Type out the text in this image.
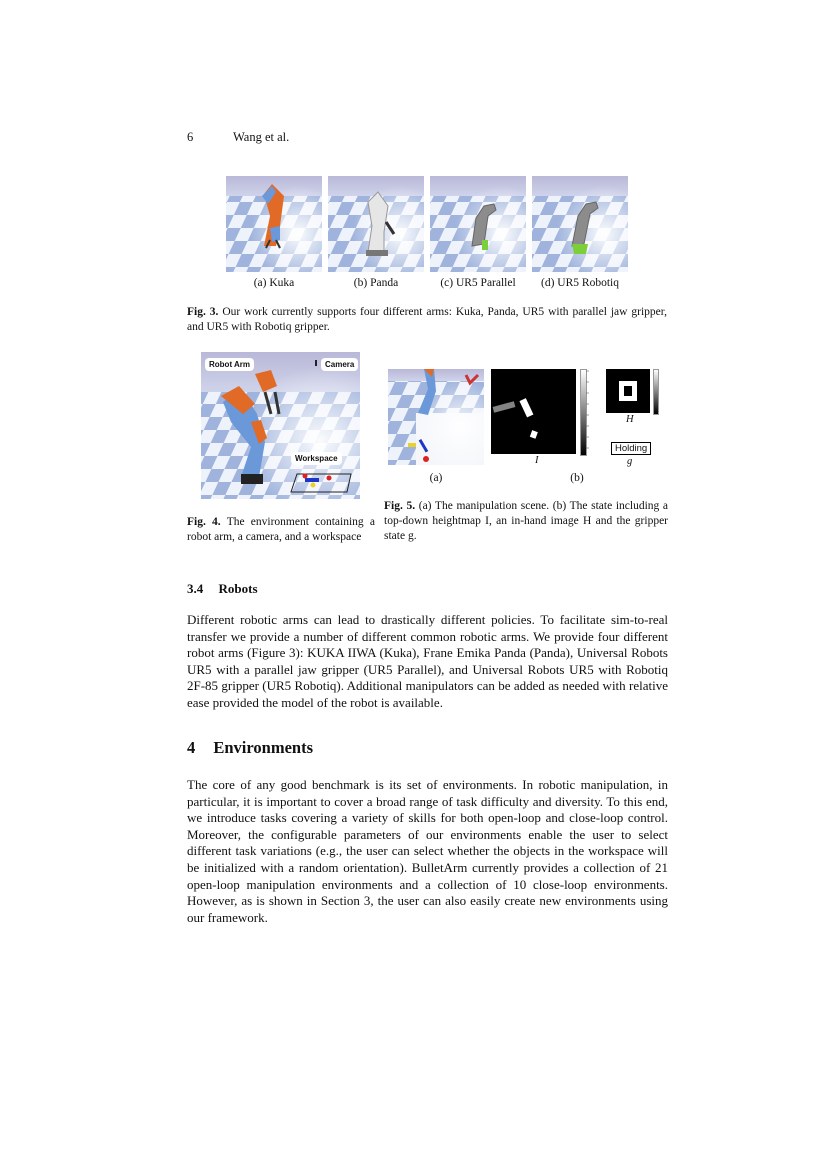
6	Wang et al.
(a) Kuka	(b) Panda	(c) UR5 Parallel	(d) UR5 Robotiq
Fig. 3. Our work currently supports four different arms: Kuka, Panda, UR5 with parallel jaw gripper, and UR5 with Robotiq gripper.
Robot Arm	Camera
Workspace	I
H
Holding
g
(a)	(b)
Fig. 4. The environment containing a robot arm, a camera, and a workspace
Fig. 5. (a) The manipulation scene. (b) The state including a top-down heightmap I, an in-hand image H and the gripper state g.
3.4 Robots
Different robotic arms can lead to drastically different policies. To facilitate sim-to-real transfer we provide a number of different common robotic arms. We provide four different robot arms (Figure 3): KUKA IIWA (Kuka), Frane Emika Panda (Panda), Universal Robots UR5 with a parallel jaw gripper (UR5 Parallel), and Universal Robots UR5 with Robotiq 2F-85 gripper (UR5 Robotiq). Additional manipulators can be added as needed with relative ease provided the model of the robot is available.
4 Environments
The core of any good benchmark is its set of environments. In robotic manipulation, in particular, it is important to cover a broad range of task difficulty and diversity. To this end, we introduce tasks covering a variety of skills for both open-loop and close-loop control. Moreover, the configurable parameters of our environments enable the user to select different task variations (e.g., the user can select whether the objects in the workspace will be initialized with a random orientation). BulletArm currently provides a collection of 21 open-loop manipulation environments and a collection of 10 close-loop environments. However, as is shown in Section 3, the user can also easily create new environments using our framework.
